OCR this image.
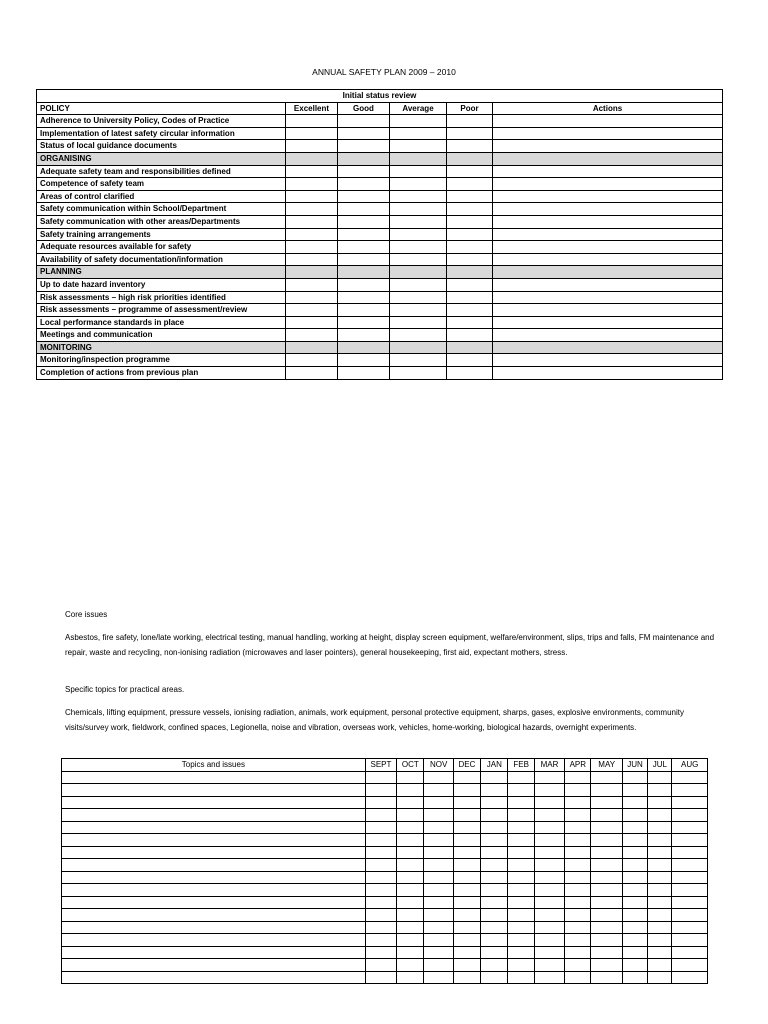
ANNUAL SAFETY PLAN 2009 – 2010
Initial status review					
POLICY	Excellent	Good	Average	Poor	Actions
Adherence to University Policy, Codes of Practice					
Implementation of latest safety circular information					
Status of local guidance documents					
ORGANISING					
Adequate safety team and responsibilities defined					
Competence of safety team					
Areas of control clarified					
Safety communication within School/Department					
Safety communication with other areas/Departments					
Safety training arrangements					
Adequate resources available for safety					
Availability of safety documentation/information					
PLANNING					
Up to date hazard inventory					
Risk assessments – high risk priorities identified					
Risk assessments – programme of assessment/review					
Local performance standards in place					
Meetings and communication					
MONITORING					
Monitoring/inspection programme					
Completion of actions from previous plan					

Core issues

Asbestos, fire safety, lone/late working, electrical testing, manual handling, working at height, display screen equipment, welfare/environment, slips, trips and falls, FM maintenance and repair, waste and recycling, non-ionising radiation (microwaves and laser pointers), general housekeeping, first aid, expectant mothers, stress.

Specific topics for practical areas.

Chemicals, lifting equipment, pressure vessels, ionising radiation, animals, work equipment, personal protective equipment, sharps, gases, explosive environments, community visits/survey work, fieldwork, confined spaces, Legionella, noise and vibration, overseas work, vehicles, home-working, biological hazards, overnight experiments.

Topics and issues	SEPT	OCT	NOV	DEC	JAN	FEB	MAR	APR	MAY	JUN	JUL	AUG
